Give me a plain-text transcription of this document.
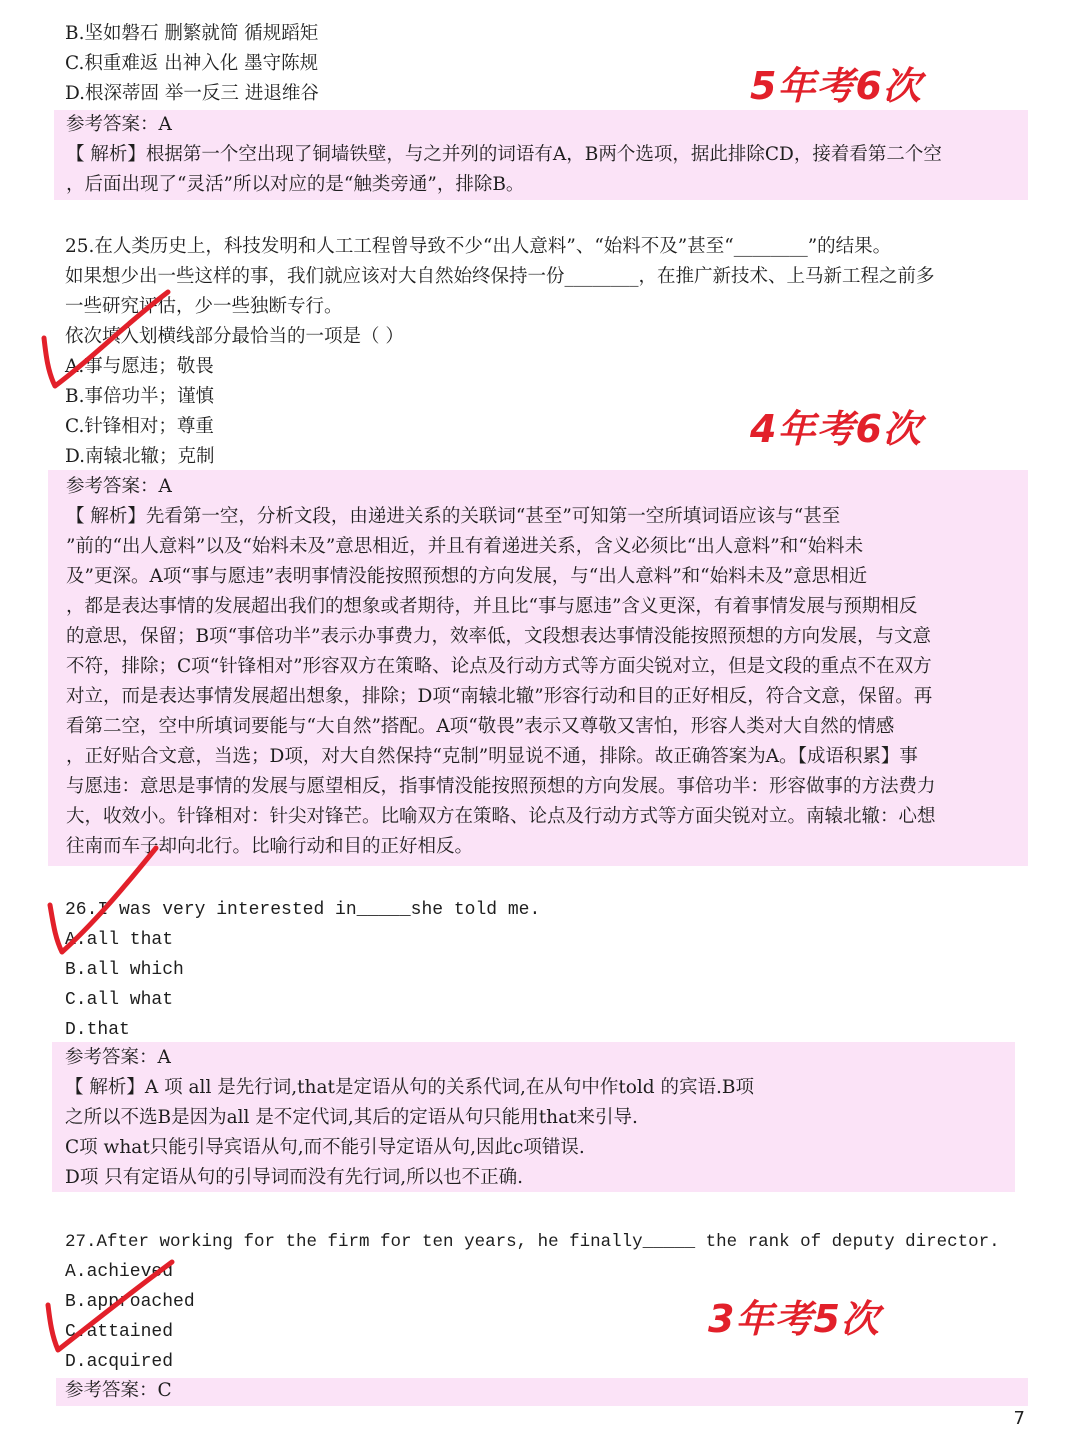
B.坚如磐石 删繁就简 循规蹈矩
C.积重难返 出神入化 墨守陈规
D.根深蒂固 举一反三 进退维谷
参考答案：A
【 解析】根据第一个空出现了铜墙铁壁，与之并列的词语有A，B两个选项，据此排除CD，接着看第二个空
，后面出现了“灵活”所以对应的是“触类旁通”，排除B。
5年考6次
25.在人类历史上，科技发明和人工工程曾导致不少“出人意料”、“始料不及”甚至“________”的结果。
如果想少出一些这样的事，我们就应该对大自然始终保持一份________，在推广新技术、上马新工程之前多
一些研究评估，少一些独断专行。
依次填入划横线部分最恰当的一项是（ ）
A.事与愿违；敬畏
B.事倍功半；谨慎
C.针锋相对；尊重
D.南辕北辙；克制
参考答案：A
【 解析】先看第一空，分析文段，由递进关系的关联词“甚至”可知第一空所填词语应该与“甚至
”前的“出人意料”以及“始料未及”意思相近，并且有着递进关系，含义必须比“出人意料”和“始料未
及”更深。A项“事与愿违”表明事情没能按照预想的方向发展，与“出人意料”和“始料未及”意思相近
，都是表达事情的发展超出我们的想象或者期待，并且比“事与愿违”含义更深，有着事情发展与预期相反
的意思，保留；B项“事倍功半”表示办事费力，效率低，文段想表达事情没能按照预想的方向发展，与文意
不符，排除；C项“针锋相对”形容双方在策略、论点及行动方式等方面尖锐对立，但是文段的重点不在双方
对立，而是表达事情发展超出想象，排除；D项“南辕北辙”形容行动和目的正好相反，符合文意，保留。再
看第二空，空中所填词要能与“大自然”搭配。A项“敬畏”表示又尊敬又害怕，形容人类对大自然的情感
，正好贴合文意，当选；D项，对大自然保持“克制”明显说不通，排除。故正确答案为A。【成语积累】事
与愿违：意思是事情的发展与愿望相反，指事情没能按照预想的方向发展。事倍功半：形容做事的方法费力
大，收效小。针锋相对：针尖对锋芒。比喻双方在策略、论点及行动方式等方面尖锐对立。南辕北辙：心想
往南而车子却向北行。比喻行动和目的正好相反。
4年考6次
26.I was very interested in_____she told me.
A.all that
B.all which
C.all what
D.that
参考答案：A
【 解析】A 项 all 是先行词,that是定语从句的关系代词,在从句中作told 的宾语.B项
之所以不选B是因为all 是不定代词,其后的定语从句只能用that来引导.
C项 what只能引导宾语从句,而不能引导定语从句,因此c项错误.
D项 只有定语从句的引导词而没有先行词,所以也不正确.
27.After working for the firm for ten years, he finally_____ the rank of deputy director.
A.achieved
B.approached
C.attained
D.acquired
参考答案：C
3年考5次
7
